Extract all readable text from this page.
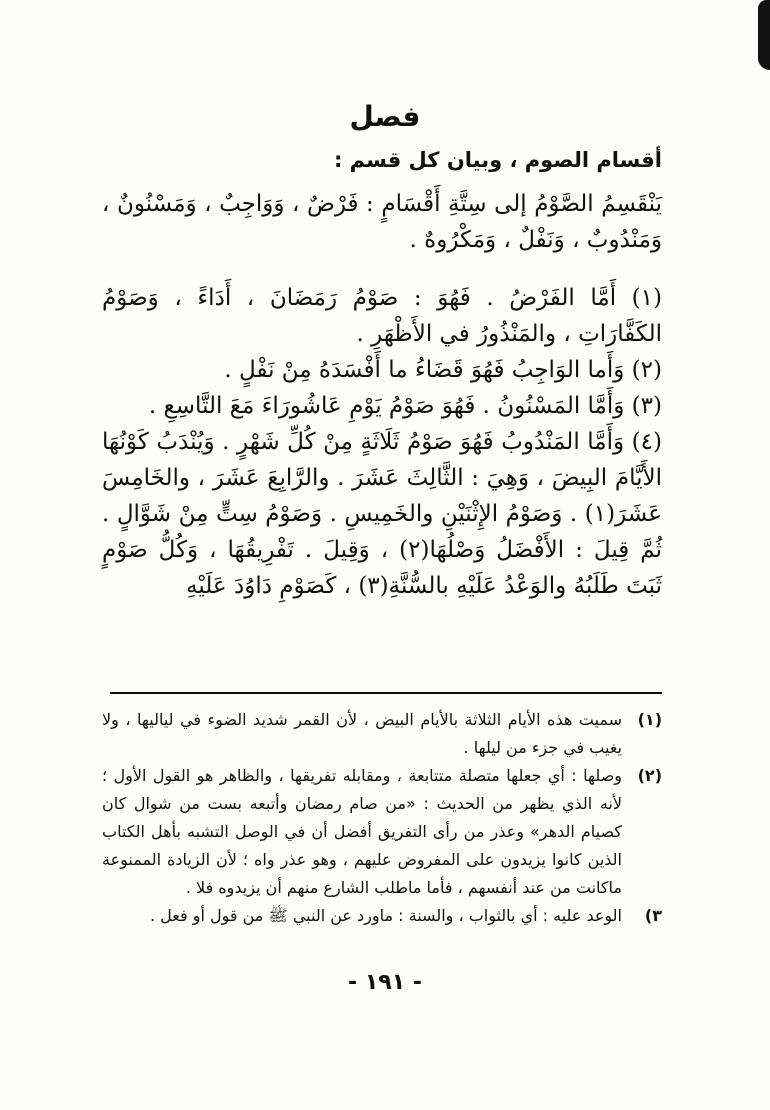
فصل
أقسام الصوم ، وبيان كل قسم :

يَنْقَسِمُ الصَّوْمُ إلى سِتَّةِ أَقْسَامٍ : فَرْضٌ ، وَوَاجِبٌ ، وَمَسْنُونٌ ، وَمَنْدُوبٌ ، وَنَفْلٌ ، وَمَكْرُوهٌ .

(١) أَمَّا الفَرْضُ . فَهُوَ : صَوْمُ رَمَضَانَ ، أَدَاءً ، وَصَوْمُ الكَفَّارَاتِ ، والمَنْذُورُ في الأَظْهَرِ .

(٢) وَأَما الوَاجِبُ فَهُوَ قَضَاءُ ما أَفْسَدَهُ مِنْ نَفْلٍ .

(٣) وَأَمَّا المَسْنُونُ . فَهُوَ صَوْمُ يَوْمِ عَاشُورَاءَ مَعَ التَّاسِعِ .

(٤) وَأَمَّا المَنْدُوبُ فَهُوَ صَوْمُ ثَلَاثَةٍ مِنْ كُلِّ شَهْرٍ . وَيُنْدَبُ كَوْنُهَا الأَيَّامَ البِيضَ ، وَهِيَ : الثَّالِثَ عَشَرَ . والرَّابِعَ عَشَرَ ، والخَامِسَ عَشَرَ(١) . وَصَوْمُ الإِثْنَيْنِ والخَمِيسِ . وَصَوْمُ سِتٍّ مِنْ شَوَّالٍ . ثُمَّ قِيلَ : الأَفْضَلُ وَصْلُهَا(٢) ، وَقِيلَ . تَفْرِيقُهَا ، وَكُلُّ صَوْمٍ ثَبَتَ طَلَبُهُ والوَعْدُ عَلَيْهِ بالسُّنَّةِ(٣) ، كَصَوْمِ دَاوُدَ عَلَيْهِ

(١)
سميت هذه الأيام الثلاثة بالأيام البيض ، لأن القمر شديد الضوء في لياليها ، ولا يغيب في جزء من ليلها .
(٢)
وصلها : أي جعلها متصلة متتابعة ، ومقابله تفريقها ، والظاهر هو القول الأول ؛ لأنه الذي يظهر من الحديث : «من صام رمضان وأتبعه بست من شوال كان كصيام الدهر» وعذر من رأى التفريق أفضل أن في الوصل التشبه بأهل الكتاب الذين كانوا يزيدون على المفروض عليهم ، وهو عذر واه ؛ لأن الزيادة الممنوعة ماكانت من عند أنفسهم ، فأما ماطلب الشارع منهم أن يزيدوه فلا .
٣)
الوعد عليه : أي بالثواب ، والسنة : ماورد عن النبي ﷺ من قول أو فعل .
- ١٩١ -
